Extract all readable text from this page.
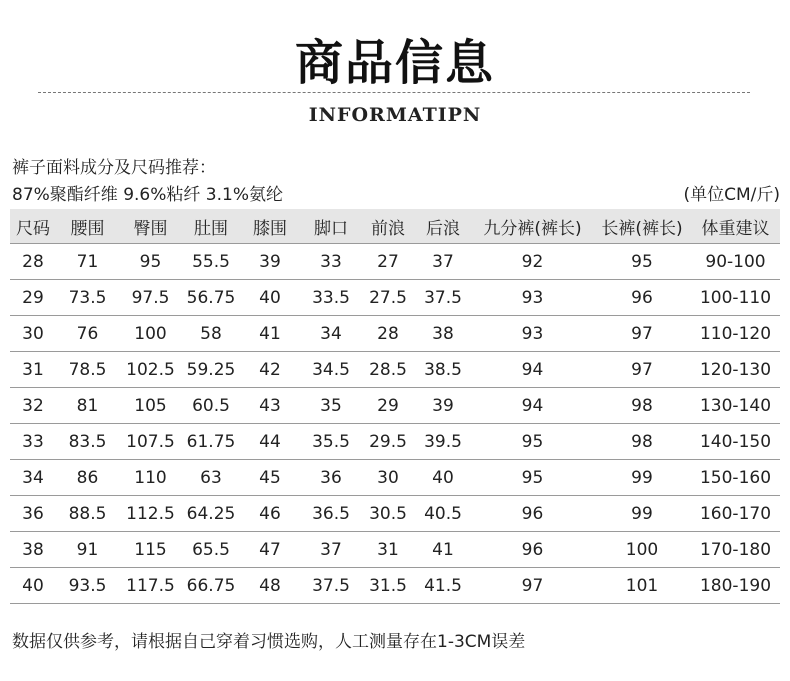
商品信息
INFORMATIPN
裤子面料成分及尺码推荐：
87%聚酯纤维 9.6%粘纤 3.1%氨纶	(单位CM/斤)
尺码	腰围	臀围	肚围	膝围	脚口	前浪	后浪	九分裤(裤长)	长裤(裤长)	体重建议
28	71	95	55.5	39	33	27	37	92	95	90-100
29	73.5	97.5	56.75	40	33.5	27.5	37.5	93	96	100-110
30	76	100	58	41	34	28	38	93	97	110-120
31	78.5	102.5	59.25	42	34.5	28.5	38.5	94	97	120-130
32	81	105	60.5	43	35	29	39	94	98	130-140
33	83.5	107.5	61.75	44	35.5	29.5	39.5	95	98	140-150
34	86	110	63	45	36	30	40	95	99	150-160
36	88.5	112.5	64.25	46	36.5	30.5	40.5	96	99	160-170
38	91	115	65.5	47	37	31	41	96	100	170-180
40	93.5	117.5	66.75	48	37.5	31.5	41.5	97	101	180-190
数据仅供参考，请根据自己穿着习惯选购，人工测量存在1-3CM误差
